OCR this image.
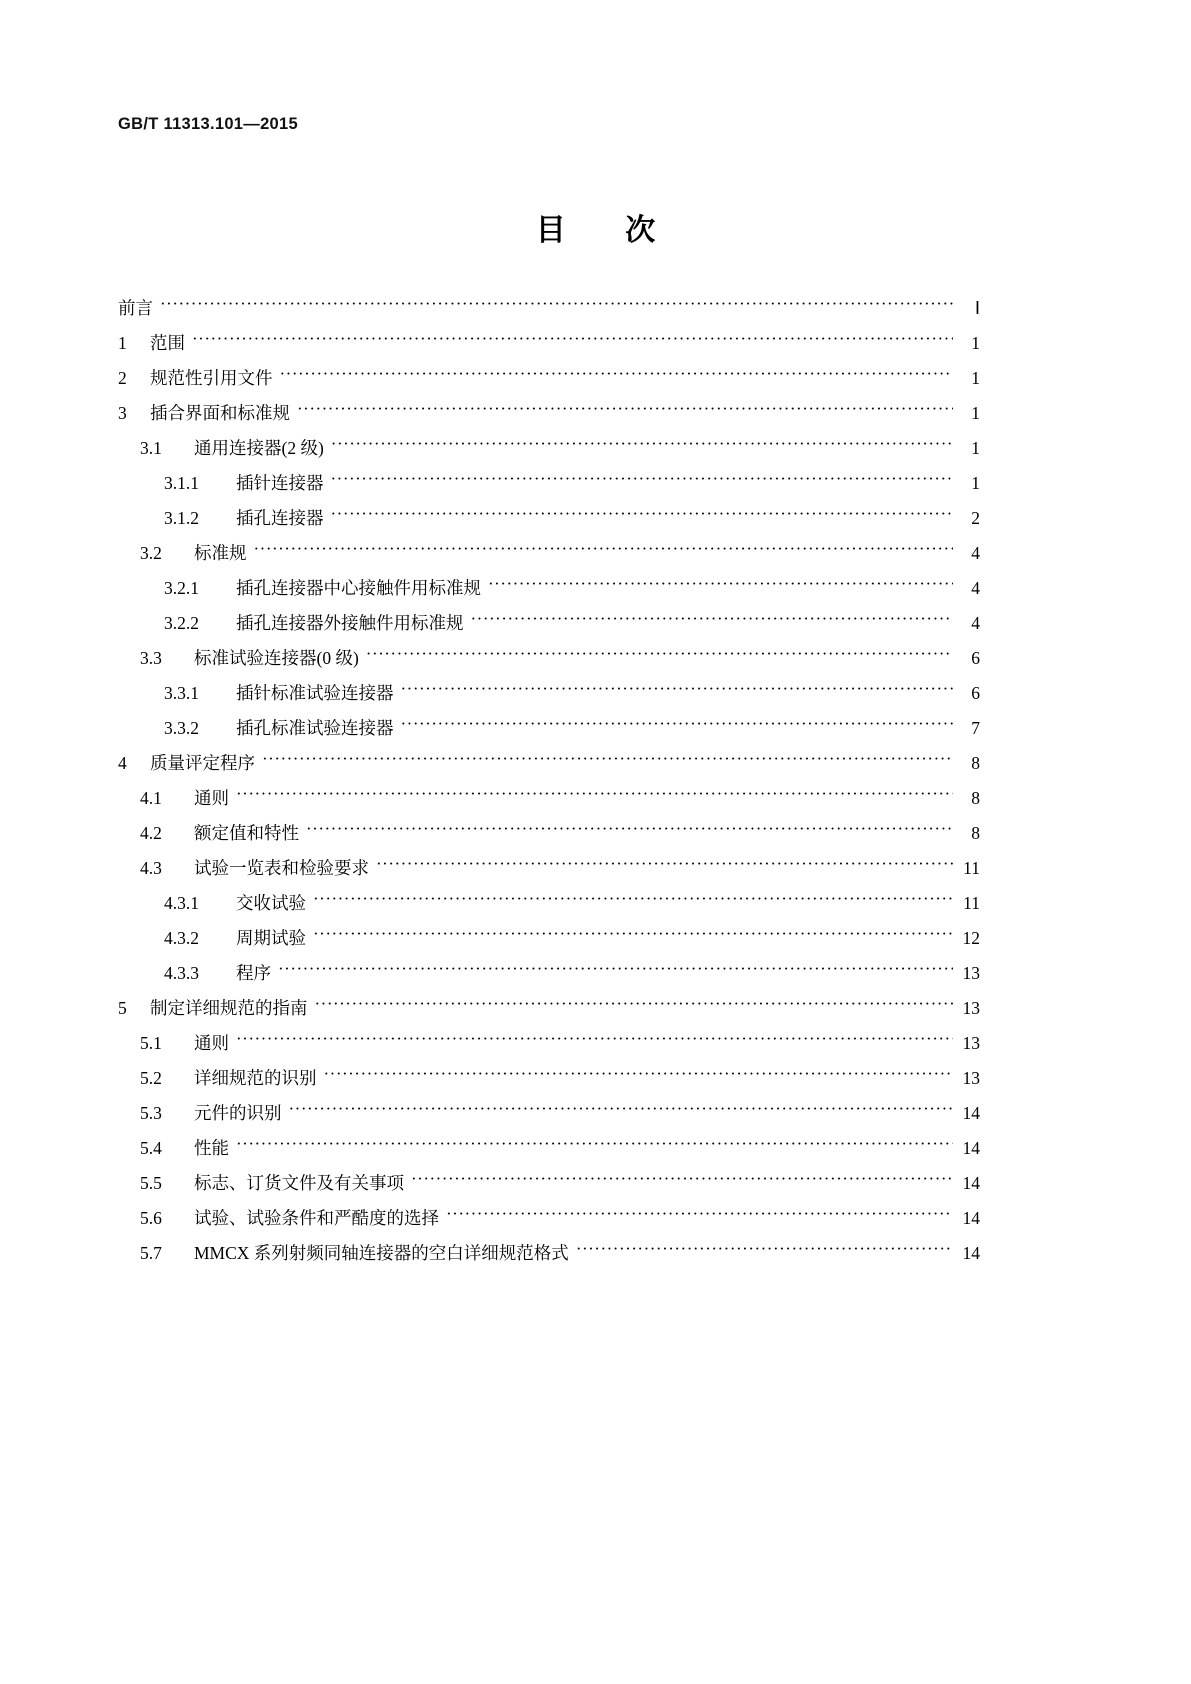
GB/T 11313.101—2015
目 次
前言 ·····	Ⅰ
1	范围 ·····	1
2	规范性引用文件 ·····	1
3	插合界面和标准规 ·····	1
3.1	通用连接器(2 级) ·····	1
3.1.1	插针连接器 ·····	1
3.1.2	插孔连接器 ·····	2
3.2	标准规 ·····	4
3.2.1	插孔连接器中心接触件用标准规 ·····	4
3.2.2	插孔连接器外接触件用标准规 ·····	4
3.3	标准试验连接器(0 级) ·····	6
3.3.1	插针标准试验连接器 ·····	6
3.3.2	插孔标准试验连接器 ·····	7
4	质量评定程序 ·····	8
4.1	通则 ·····	8
4.2	额定值和特性 ·····	8
4.3	试验一览表和检验要求 ·····	11
4.3.1	交收试验 ·····	11
4.3.2	周期试验 ·····	12
4.3.3	程序 ·····	13
5	制定详细规范的指南 ·····	13
5.1	通则 ·····	13
5.2	详细规范的识别 ·····	13
5.3	元件的识别 ·····	14
5.4	性能 ·····	14
5.5	标志、订货文件及有关事项 ·····	14
5.6	试验、试验条件和严酷度的选择 ·····	14
5.7	MMCX 系列射频同轴连接器的空白详细规范格式 ·····	14
